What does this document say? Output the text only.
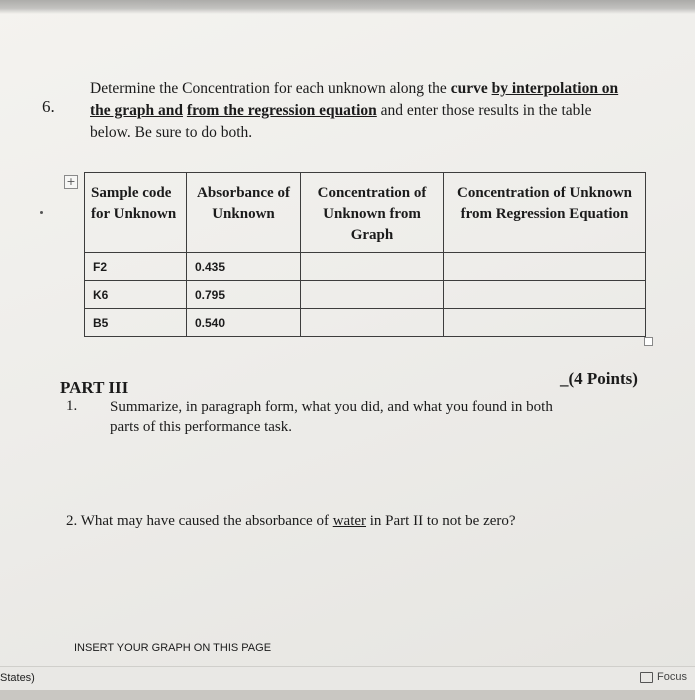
6.
Determine the Concentration for each unknown along the curve by interpolation on the graph and from the regression equation and enter those results in the table below. Be sure to do both.
+
Sample code for Unknown	Absorbance of Unknown	Concentration of Unknown from Graph	Concentration of Unknown from Regression Equation
F2	0.435		
K6	0.795		
B5	0.540		
PART III	_(4 Points)
1. Summarize, in paragraph form, what you did, and what you found in both parts of this performance task.
2. What may have caused the absorbance of water in Part II to not be zero?
INSERT YOUR GRAPH ON THIS PAGE
States)	Focus
